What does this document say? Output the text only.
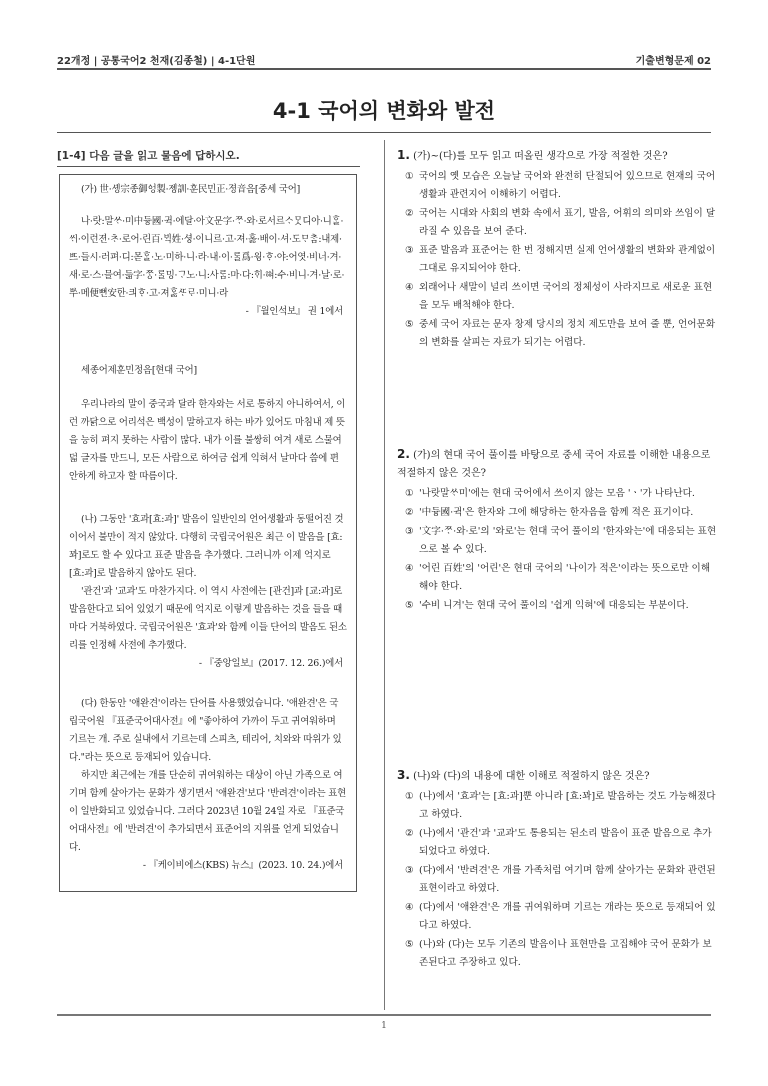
22개정 | 공통국어2 천재(김종철) | 4-1단원	기출변형문제 02
4-1 국어의 변화와 발전
[1-4] 다음 글을 읽고 물음에 답하시오.

(가) 世·솅宗종御ᅌᅥᆼ製·졩訓·훈民민正·졍音음[중세 국어]

나·랏:말ᄊᆞ·미中듀ᇰ國·귁·에달·아文문字·ᄍᆞ·와·로서르ᄉᆞᄆᆞᆺ디아·니ᄒᆞᆯ·ᄊᆡ·이런젼·ᄎᆞ·로어·린百·ᄇᆡᆨ姓·셔ᇰ·이니르·고·져·호ᇙ·배이·셔·도ᄆᆞᄎᆞᆷ:내제·ᄠᅳ·들시·러펴·디:몯ᄒᆞᆯ·노·미하·니·라·내·이·ᄅᆞᆯ爲·윙·ᄒᆞ·야:어엿·비너·겨·새·로·스·믈여·듧字·ᄍᆞᆼ·ᄅᆞᆯ밍·ᄀᆞ노·니:사ᄅᆞᆷ:마·다:ᄒᆡ·ᅘᅧ:수·비니·겨·날·로·ᄡᅮ·메便뼌安ᅙᅡᆫ·킈ᄒᆞ·고·져ᄒᆞᇙᄯᆞᄅᆞ·미니·라

- 『월인석보』 권 1에서

세종어제훈민정음[현대 국어]

우리나라의 말이 중국과 달라 한자와는 서로 통하지 아니하여서, 이런 까닭으로 어리석은 백성이 말하고자 하는 바가 있어도 마침내 제 뜻을 능히 펴지 못하는 사람이 많다. 내가 이를 불쌍히 여겨 새로 스물여덟 글자를 만드니, 모든 사람으로 하여금 쉽게 익혀서 날마다 씀에 편안하게 하고자 할 따름이다.

(나) 그동안 '효과[효:과]' 발음이 일반인의 언어생활과 동떨어진 것이어서 불만이 적지 않았다. 다행히 국립국어원은 최근 이 발음을 [효:꽈]로도 할 수 있다고 표준 발음을 추가했다. 그러니까 이제 억지로 [효:과]로 발음하지 않아도 된다.

'관건'과 '교과'도 마찬가지다. 이 역시 사전에는 [관건]과 [교:과]로 발음한다고 되어 있었기 때문에 억지로 이렇게 발음하는 것을 들을 때마다 거북하였다. 국립국어원은 '효과'와 함께 이들 단어의 발음도 된소리를 인정해 사전에 추가했다.

- 『중앙일보』(2017. 12. 26.)에서

(다) 한동안 '애완견'이라는 단어를 사용했었습니다. '애완견'은 국립국어원 『표준국어대사전』에 "좋아하여 가까이 두고 귀여워하며 기르는 개. 주로 실내에서 기르는데 스피츠, 테리어, 치와와 따위가 있다."라는 뜻으로 등재되어 있습니다.

하지만 최근에는 개를 단순히 귀여워하는 대상이 아닌 가족으로 여기며 함께 살아가는 문화가 생기면서 '애완견'보다 '반려견'이라는 표현이 일반화되고 있었습니다. 그러다 2023년 10월 24일 자로 『표준국어대사전』에 '반려견'이 추가되면서 표준어의 지위를 얻게 되었습니다.

- 『케이비에스(KBS) 뉴스』(2023. 10. 24.)에서

1. (가)~(다)를 모두 읽고 떠올린 생각으로 가장 적절한 것은?

① 국어의 옛 모습은 오늘날 국어와 완전히 단절되어 있으므로 현재의 국어생활과 관련지어 이해하기 어렵다.
② 국어는 시대와 사회의 변화 속에서 표기, 발음, 어휘의 의미와 쓰임이 달라질 수 있음을 보여 준다.
③ 표준 발음과 표준어는 한 번 정해지면 실제 언어생활의 변화와 관계없이 그대로 유지되어야 한다.
④ 외래어나 새말이 널리 쓰이면 국어의 정체성이 사라지므로 새로운 표현을 모두 배척해야 한다.
⑤ 중세 국어 자료는 문자 창제 당시의 정치 제도만을 보여 줄 뿐, 언어문화의 변화를 살피는 자료가 되기는 어렵다.

2. (가)의 현대 국어 풀이를 바탕으로 중세 국어 자료를 이해한 내용으로 적절하지 않은 것은?

① '나랏말ᄊᆞ미'에는 현대 국어에서 쓰이지 않는 모음 'ㆍ'가 나타난다.
② '中듀ᇰ國·귁'은 한자와 그에 해당하는 한자음을 함께 적은 표기이다.
③ '文字·ᄍᆞ·와·로'의 '와로'는 현대 국어 풀이의 '한자와는'에 대응되는 표현으로 볼 수 있다.
④ '어린 百姓'의 '어린'은 현대 국어의 '나이가 적은'이라는 뜻으로만 이해해야 한다.
⑤ '수비 니겨'는 현대 국어 풀이의 '쉽게 익혀'에 대응되는 부분이다.

3. (나)와 (다)의 내용에 대한 이해로 적절하지 않은 것은?

① (나)에서 '효과'는 [효:과]뿐 아니라 [효:꽈]로 발음하는 것도 가능해졌다고 하였다.
② (나)에서 '관건'과 '교과'도 통용되는 된소리 발음이 표준 발음으로 추가되었다고 하였다.
③ (다)에서 '반려견'은 개를 가족처럼 여기며 함께 살아가는 문화와 관련된 표현이라고 하였다.
④ (다)에서 '애완견'은 개를 귀여워하며 기르는 개라는 뜻으로 등재되어 있다고 하였다.
⑤ (나)와 (다)는 모두 기존의 발음이나 표현만을 고집해야 국어 문화가 보존된다고 주장하고 있다.
1
